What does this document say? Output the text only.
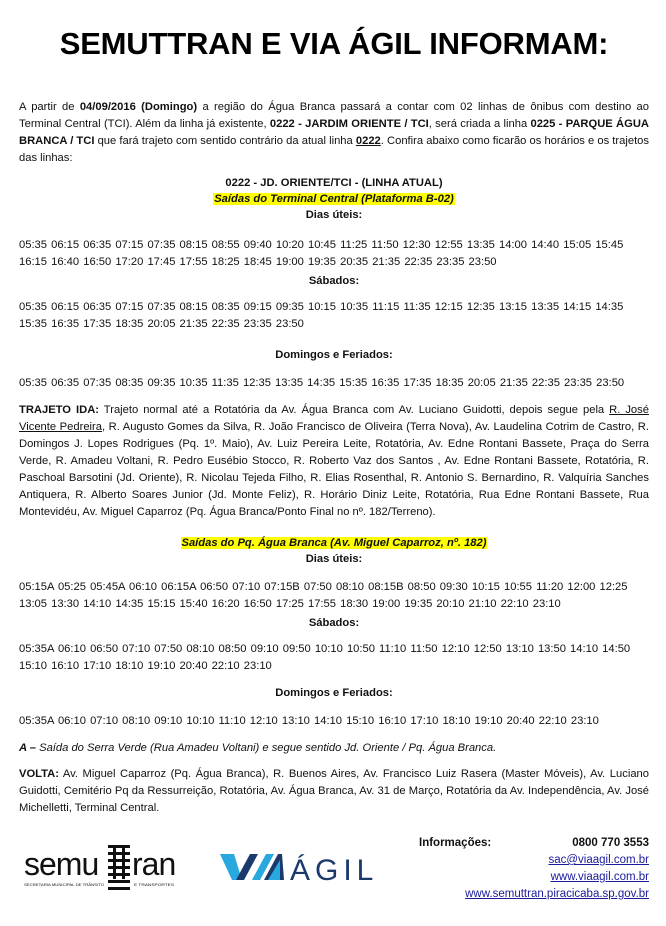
SEMUTTRAN E VIA ÁGIL INFORMAM:
A partir de 04/09/2016 (Domingo) a região do Água Branca passará a contar com 02 linhas de ônibus com destino ao Terminal Central (TCI). Além da linha já existente, 0222 - JARDIM ORIENTE / TCI, será criada a linha 0225 - PARQUE ÁGUA BRANCA / TCI que fará trajeto com sentido contrário da atual linha 0222. Confira abaixo como ficarão os horários e os trajetos das linhas:
0222 - JD. ORIENTE/TCI - (LINHA ATUAL)
Saídas do Terminal Central (Plataforma B-02)
Dias úteis:
05:35 06:15 06:35 07:15 07:35 08:15 08:55 09:40 10:20 10:45 11:25 11:50 12:30 12:55 13:35 14:00 14:40 15:05 15:45 16:15 16:40 16:50 17:20 17:45 17:55 18:25 18:45 19:00 19:35 20:35 21:35 22:35 23:35 23:50
Sábados:
05:35 06:15 06:35 07:15 07:35 08:15 08:35 09:15 09:35 10:15 10:35 11:15 11:35 12:15 12:35 13:15 13:35 14:15 14:35 15:35 16:35 17:35 18:35 20:05 21:35 22:35 23:35 23:50
Domingos e Feriados:
05:35 06:35 07:35 08:35 09:35 10:35 11:35 12:35 13:35 14:35 15:35 16:35 17:35 18:35 20:05 21:35 22:35 23:35 23:50
TRAJETO IDA: Trajeto normal até a Rotatória da Av. Água Branca com Av. Luciano Guidotti, depois segue pela R. José Vicente Pedreira, R. Augusto Gomes da Silva, R. João Francisco de Oliveira (Terra Nova), Av. Laudelina Cotrim de Castro, R. Domingos J. Lopes Rodrigues (Pq. 1º. Maio), Av. Luiz Pereira Leite, Rotatória, Av. Edne Rontani Bassete, Praça do Serra Verde, R. Amadeu Voltani, R. Pedro Eusébio Stocco, R. Roberto Vaz dos Santos , Av. Edne Rontani Bassete, Rotatória, R. Paschoal Barsotini (Jd. Oriente), R. Nicolau Tejeda Filho, R. Elias Rosenthal, R. Antonio S. Bernardino, R. Valquíria Sanches Antiquera, R. Alberto Soares Junior (Jd. Monte Feliz), R. Horário Diniz Leite, Rotatória, Rua Edne Rontani Bassete, Rua Montevidéu, Av. Miguel Caparroz (Pq. Água Branca/Ponto Final no nº. 182/Terreno).
Saídas do Pq. Água Branca (Av. Miguel Caparroz, nº. 182)
Dias úteis:
05:15A 05:25 05:45A 06:10 06:15A 06:50 07:10 07:15B 07:50 08:10 08:15B 08:50 09:30 10:15 10:55 11:20 12:00 12:25 13:05 13:30 14:10 14:35 15:15 15:40 16:20 16:50 17:25 17:55 18:30 19:00 19:35 20:10 21:10 22:10 23:10
Sábados:
05:35A 06:10 06:50 07:10 07:50 08:10 08:50 09:10 09:50 10:10 10:50 11:10 11:50 12:10 12:50 13:10 13:50 14:10 14:50 15:10 16:10 17:10 18:10 19:10 20:40 22:10 23:10
Domingos e Feriados:
05:35A 06:10 07:10 08:10 09:10 10:10 11:10 12:10 13:10 14:10 15:10 16:10 17:10 18:10 19:10 20:40 22:10 23:10
A – Saída do Serra Verde (Rua Amadeu Voltani) e segue sentido Jd. Oriente / Pq. Água Branca.
VOLTA: Av. Miguel Caparroz (Pq. Água Branca), R. Buenos Aires, Av. Francisco Luiz Rasera (Master Móveis), Av. Luciano Guidotti, Cemitério Pq da Ressurreição, Rotatória, Av. Água Branca, Av. 31 de Março, Rotatória da Av. Independência, Av. José Michelletti, Terminal Central.
semu ran
SECRETARIA MUNICIPAL DE TRÂNSITO	E TRANSPORTES	ÁGIL
Informações:	0800 770 3553
sac@viaagil.com.br
www.viaagil.com.br
www.semuttran.piracicaba.sp.gov.br
